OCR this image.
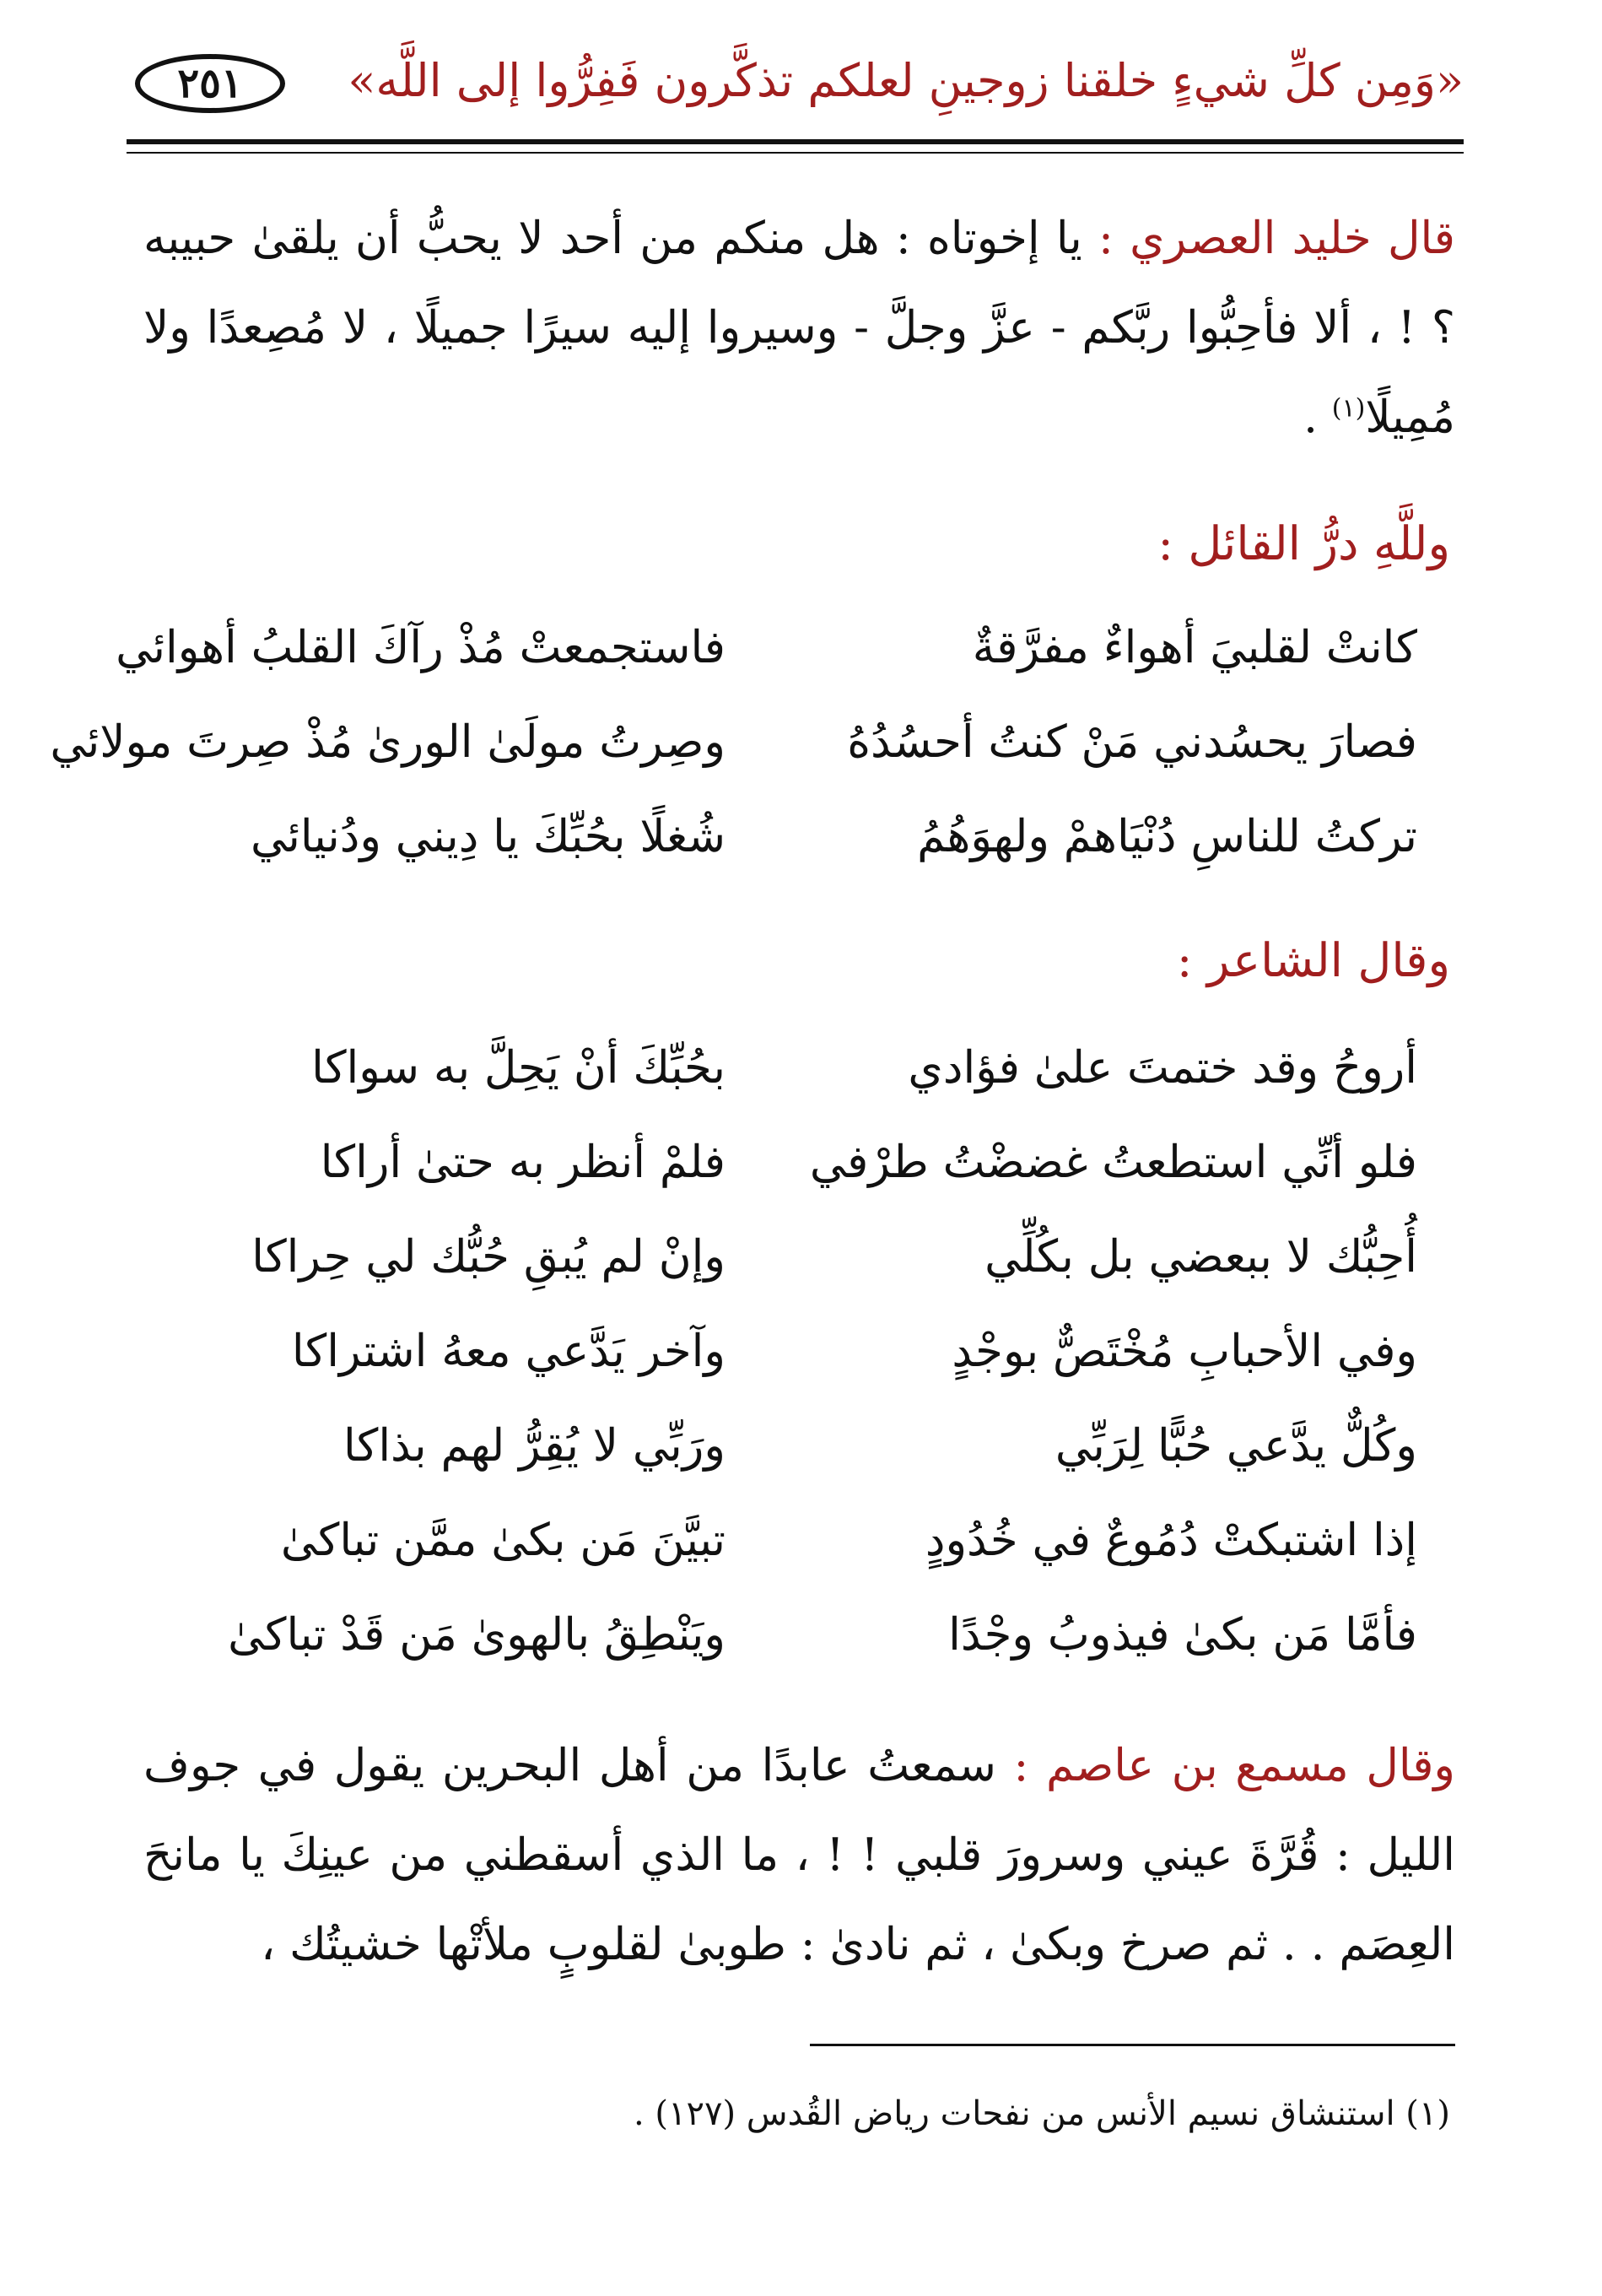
«وَمِن كلِّ شيءٍ خلقنا زوجينِ لعلكم تذكَّرون فَفِرُّوا إلى اللَّه»
٢٥١

قال خليد العصري : يا إخوتاه : هل منكم من أحد لا يحبُّ أن يلقىٰ حبيبه ؟ ! ، ألا فأحِبُّوا ربَّكم - عزَّ وجلَّ - وسيروا إليه سيرًا جميلًا ، لا مُصِعدًا ولا مُمِيلًا$^{(١)}$ .

وللَّهِ درُّ القائل :
كانتْ لقلبيَ أهواءٌ مفرَّقةٌ
فاستجمعتْ مُذْ رآكَ القلبُ أهوائي
فصارَ يحسُدني مَنْ كنتُ أحسُدُهُ
وصِرتُ مولَىٰ الورىٰ مُذْ صِرتَ مولائي
تركتُ للناسِ دُنْيَاهمْ ولهوَهُمُ
شُغلًا بحُبِّكَ يا دِيني ودُنيائي
وقال الشاعر :
أروحُ وقد ختمتَ علىٰ فؤادي
بحُبِّكَ أنْ يَحِلَّ به سواكا
فلو أنِّي استطعتُ غضضْتُ طرْفي
فلمْ أنظر به حتىٰ أراكا
أُحِبُّك لا ببعضي بل بكُلِّي
وإنْ لم يُبقِ حُبُّك لي حِراكا
وفي الأحبابِ مُخْتَصٌّ بوجْدٍ
وآخر يَدَّعي معهُ اشتراكا
وكُلٌّ يدَّعي حُبًّا لِرَبِّي
ورَبِّي لا يُقِرُّ لهم بذاكا
إذا اشتبكتْ دُمُوعٌ في خُدُودٍ
تبيَّنَ مَن بكىٰ ممَّن تباكىٰ
فأمَّا مَن بكىٰ فيذوبُ وجْدًا
ويَنْطِقُ بالهوىٰ مَن قَدْ تباكىٰ

وقال مسمع بن عاصم : سمعتُ عابدًا من أهل البحرين يقول في جوف الليل : قُرَّةَ عيني وسرورَ قلبي ! ! ، ما الذي أسقطني من عينِكَ يا مانحَ العِصَم . . ثم صرخ وبكىٰ ، ثم نادىٰ : طوبىٰ لقلوبٍ ملأتْها خشيتُك ،

(١) استنشاق نسيم الأنس من نفحات رياض القُدس (١٢٧) .
